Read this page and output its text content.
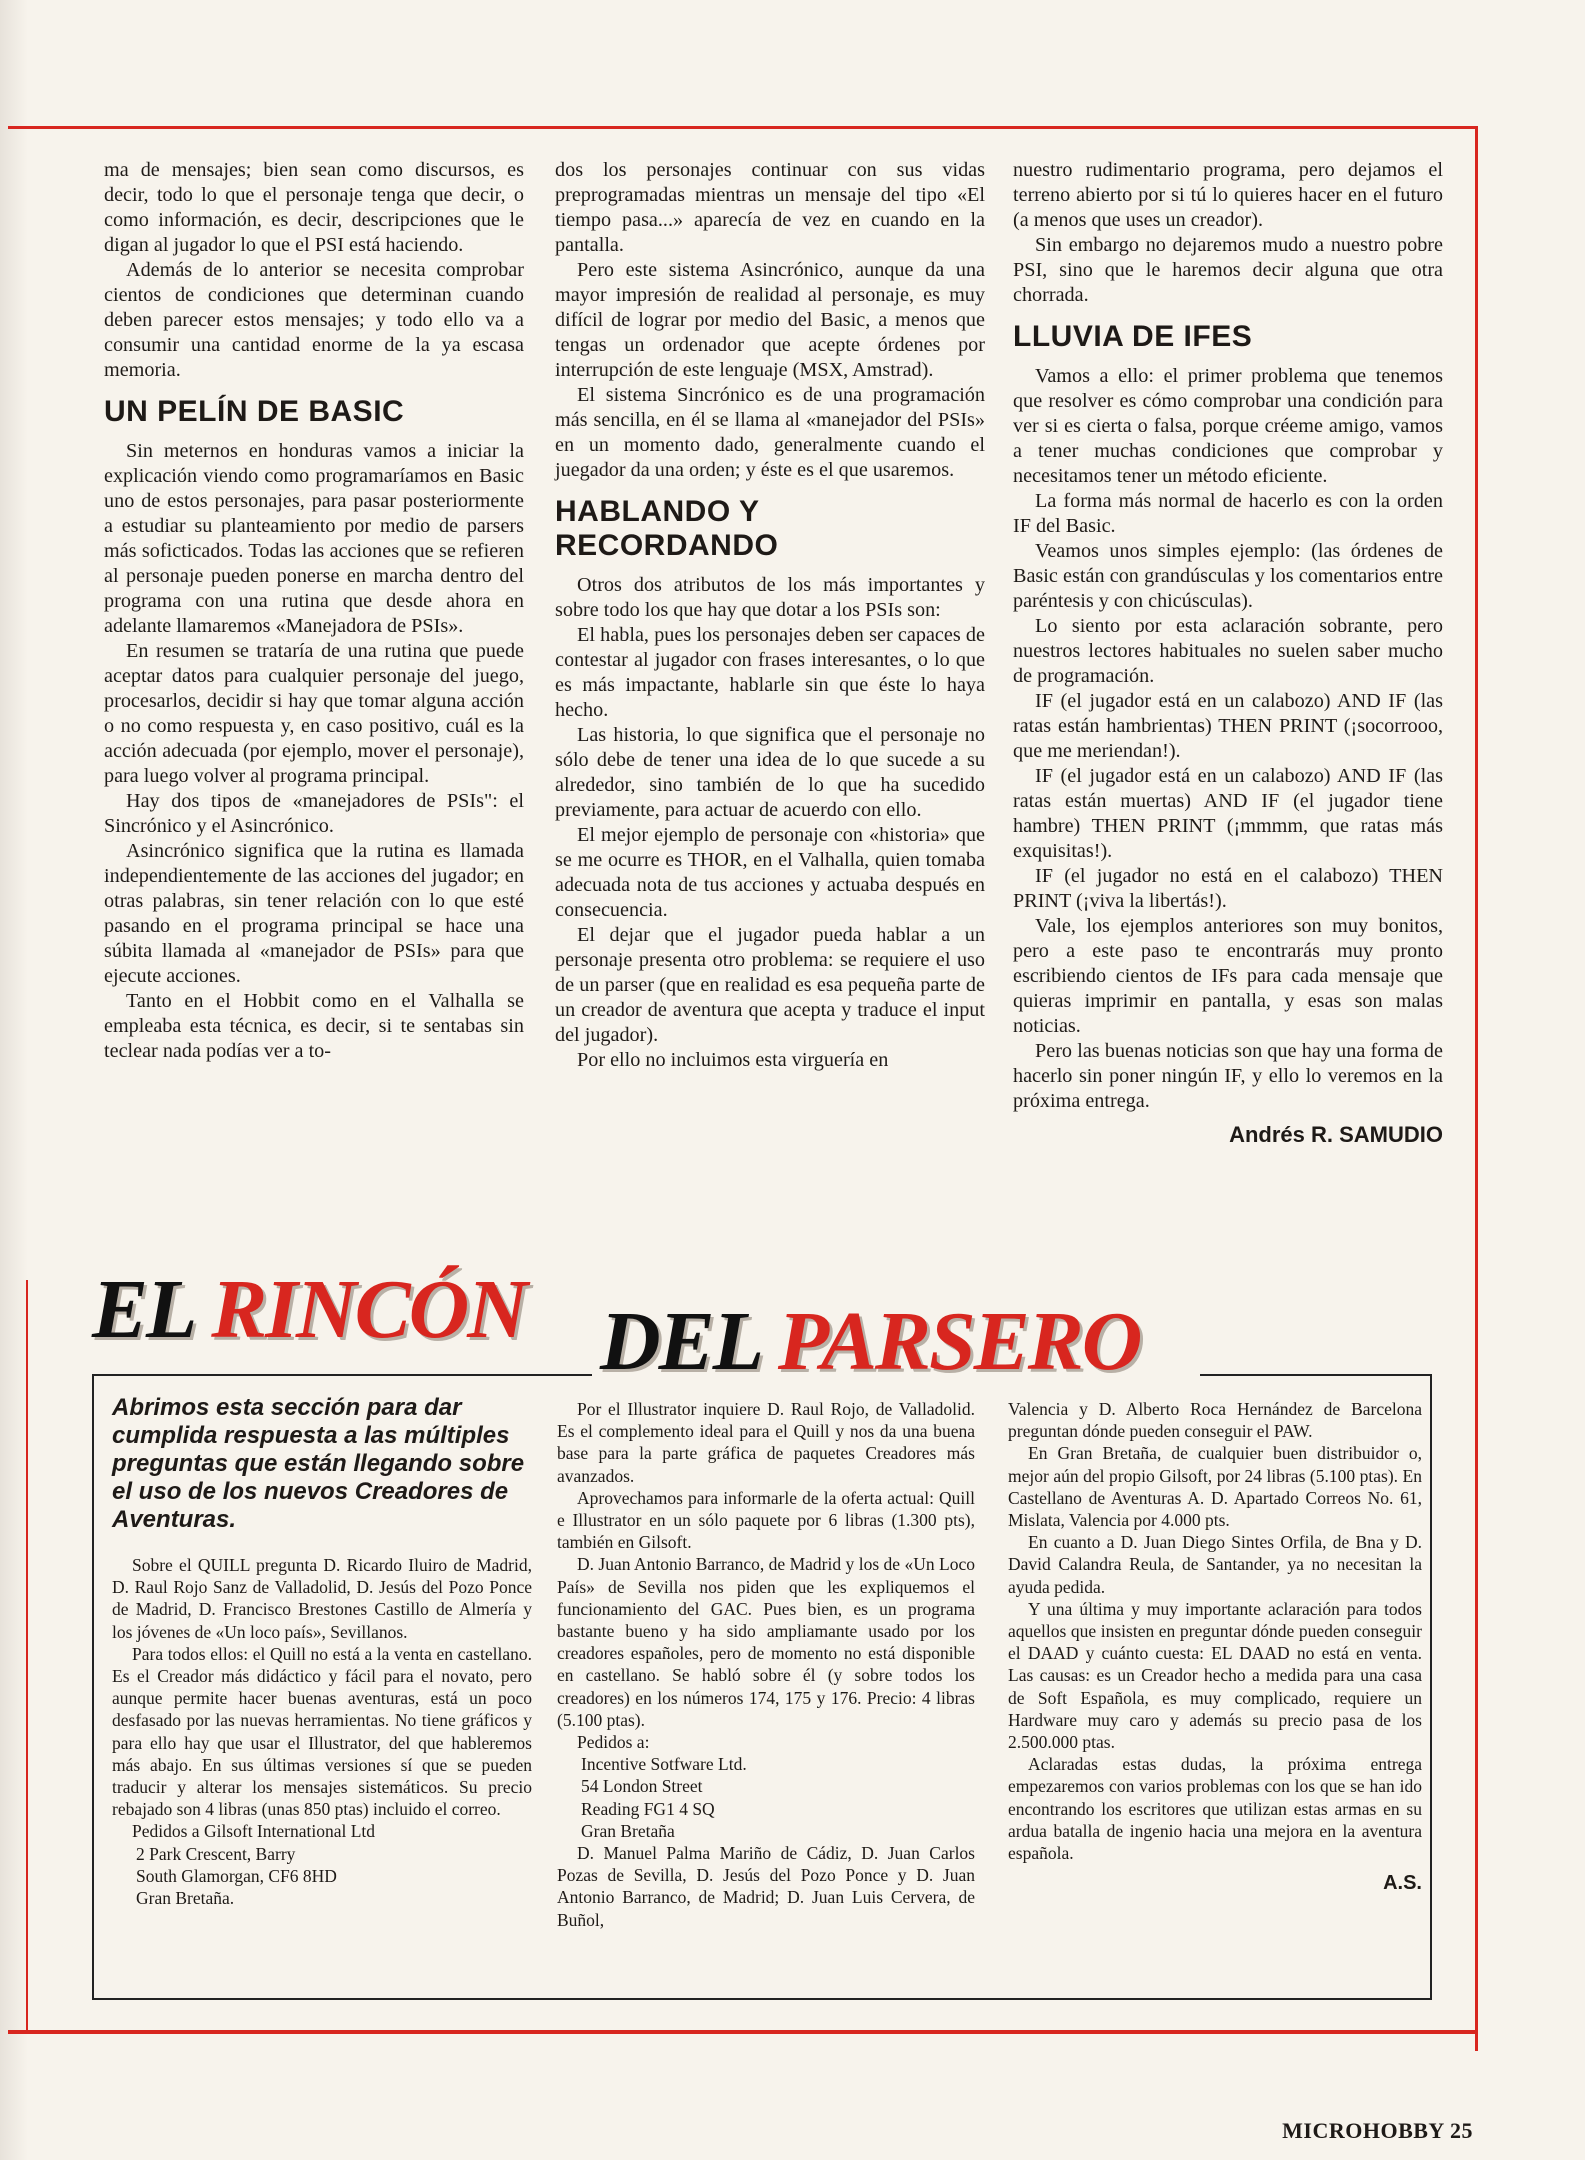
ma de mensajes; bien sean como discursos, es decir, todo lo que el personaje tenga que decir, o como información, es decir, descripciones que le digan al jugador lo que el PSI está haciendo.

Además de lo anterior se necesita comprobar cientos de condiciones que determinan cuando deben parecer estos mensajes; y todo ello va a consumir una cantidad enorme de la ya escasa memoria.

UN PELÍN DE BASIC

Sin meternos en honduras vamos a iniciar la explicación viendo como programaríamos en Basic uno de estos personajes, para pasar posteriormente a estudiar su planteamiento por medio de parsers más soficticados. Todas las acciones que se refieren al personaje pueden ponerse en marcha dentro del programa con una rutina que desde ahora en adelante llamaremos «Manejadora de PSIs».

En resumen se trataría de una rutina que puede aceptar datos para cualquier personaje del juego, procesarlos, decidir si hay que tomar alguna acción o no como respuesta y, en caso positivo, cuál es la acción adecuada (por ejemplo, mover el personaje), para luego volver al programa principal.

Hay dos tipos de «manejadores de PSIs": el Sincrónico y el Asincrónico.

Asincrónico significa que la rutina es llamada independientemente de las acciones del jugador; en otras palabras, sin tener relación con lo que esté pasando en el programa principal se hace una súbita llamada al «manejador de PSIs» para que ejecute acciones.

Tanto en el Hobbit como en el Valhalla se empleaba esta técnica, es decir, si te sentabas sin teclear nada podías ver a to-

dos los personajes continuar con sus vidas preprogramadas mientras un mensaje del tipo «El tiempo pasa...» aparecía de vez en cuando en la pantalla.

Pero este sistema Asincrónico, aunque da una mayor impresión de realidad al personaje, es muy difícil de lograr por medio del Basic, a menos que tengas un ordenador que acepte órdenes por interrupción de este lenguaje (MSX, Amstrad).

El sistema Sincrónico es de una programación más sencilla, en él se llama al «manejador del PSIs» en un momento dado, generalmente cuando el juegador da una orden; y éste es el que usaremos.

HABLANDO Y RECORDANDO

Otros dos atributos de los más importantes y sobre todo los que hay que dotar a los PSIs son:

El habla, pues los personajes deben ser capaces de contestar al jugador con frases interesantes, o lo que es más impactante, hablarle sin que éste lo haya hecho.

Las historia, lo que significa que el personaje no sólo debe de tener una idea de lo que sucede a su alrededor, sino también de lo que ha sucedido previamente, para actuar de acuerdo con ello.

El mejor ejemplo de personaje con «historia» que se me ocurre es THOR, en el Valhalla, quien tomaba adecuada nota de tus acciones y actuaba después en consecuencia.

El dejar que el jugador pueda hablar a un personaje presenta otro problema: se requiere el uso de un parser (que en realidad es esa pequeña parte de un creador de aventura que acepta y traduce el input del jugador).

Por ello no incluimos esta virguería en

nuestro rudimentario programa, pero dejamos el terreno abierto por si tú lo quieres hacer en el futuro (a menos que uses un creador).

Sin embargo no dejaremos mudo a nuestro pobre PSI, sino que le haremos decir alguna que otra chorrada.

LLUVIA DE IFES

Vamos a ello: el primer problema que tenemos que resolver es cómo comprobar una condición para ver si es cierta o falsa, porque créeme amigo, vamos a tener muchas condiciones que comprobar y necesitamos tener un método eficiente.

La forma más normal de hacerlo es con la orden IF del Basic.

Veamos unos simples ejemplo: (las órdenes de Basic están con grandúsculas y los comentarios entre paréntesis y con chicúsculas).

Lo siento por esta aclaración sobrante, pero nuestros lectores habituales no suelen saber mucho de programación.

IF (el jugador está en un calabozo) AND IF (las ratas están hambrientas) THEN PRINT (¡socorrooo, que me meriendan!).

IF (el jugador está en un calabozo) AND IF (las ratas están muertas) AND IF (el jugador tiene hambre) THEN PRINT (¡mmmm, que ratas más exquisitas!).

IF (el jugador no está en el calabozo) THEN PRINT (¡viva la libertás!).

Vale, los ejemplos anteriores son muy bonitos, pero a este paso te encontrarás muy pronto escribiendo cientos de IFs para cada mensaje que quieras imprimir en pantalla, y esas son malas noticias.

Pero las buenas noticias son que hay una forma de hacerlo sin poner ningún IF, y ello lo veremos en la próxima entrega.

Andrés R. SAMUDIO

EL RINCÓN DEL PARSERO

Abrimos esta sección para dar cumplida respuesta a las múltiples preguntas que están llegando sobre el uso de los nuevos Creadores de Aventuras.

Sobre el QUILL pregunta D. Ricardo Iluiro de Madrid, D. Raul Rojo Sanz de Valladolid, D. Jesús del Pozo Ponce de Madrid, D. Francisco Brestones Castillo de Almería y los jóvenes de «Un loco país», Sevillanos.

Para todos ellos: el Quill no está a la venta en castellano. Es el Creador más didáctico y fácil para el novato, pero aunque permite hacer buenas aventuras, está un poco desfasado por las nuevas herramientas. No tiene gráficos y para ello hay que usar el Illustrator, del que hableremos más abajo. En sus últimas versiones sí que se pueden traducir y alterar los mensajes sistemáticos. Su precio rebajado son 4 libras (unas 850 ptas) incluido el correo.

Pedidos a Gilsoft International Ltd

2 Park Crescent, Barry

South Glamorgan, CF6 8HD

Gran Bretaña.

Por el Illustrator inquiere D. Raul Rojo, de Valladolid. Es el complemento ideal para el Quill y nos da una buena base para la parte gráfica de paquetes Creadores más avanzados.

Aprovechamos para informarle de la oferta actual: Quill e Illustrator en un sólo paquete por 6 libras (1.300 pts), también en Gilsoft.

D. Juan Antonio Barranco, de Madrid y los de «Un Loco País» de Sevilla nos piden que les expliquemos el funcionamiento del GAC. Pues bien, es un programa bastante bueno y ha sido ampliamante usado por los creadores españoles, pero de momento no está disponible en castellano. Se habló sobre él (y sobre todos los creadores) en los números 174, 175 y 176. Precio: 4 libras (5.100 ptas).

Pedidos a:

Incentive Sotfware Ltd.

54 London Street

Reading FG1 4 SQ

Gran Bretaña

D. Manuel Palma Mariño de Cádiz, D. Juan Carlos Pozas de Sevilla, D. Jesús del Pozo Ponce y D. Juan Antonio Barranco, de Madrid; D. Juan Luis Cervera, de Buñol,

Valencia y D. Alberto Roca Hernández de Barcelona preguntan dónde pueden conseguir el PAW.

En Gran Bretaña, de cualquier buen distribuidor o, mejor aún del propio Gilsoft, por 24 libras (5.100 ptas). En Castellano de Aventuras A. D. Apartado Correos No. 61, Mislata, Valencia por 4.000 pts.

En cuanto a D. Juan Diego Sintes Orfila, de Bna y D. David Calandra Reula, de Santander, ya no necesitan la ayuda pedida.

Y una última y muy importante aclaración para todos aquellos que insisten en preguntar dónde pueden conseguir el DAAD y cuánto cuesta: EL DAAD no está en venta. Las causas: es un Creador hecho a medida para una casa de Soft Española, es muy complicado, requiere un Hardware muy caro y además su precio pasa de los 2.500.000 ptas.

Aclaradas estas dudas, la próxima entrega empezaremos con varios problemas con los que se han ido encontrando los escritores que utilizan estas armas en su ardua batalla de ingenio hacia una mejora en la aventura española.

A.S.

MICROHOBBY 25
